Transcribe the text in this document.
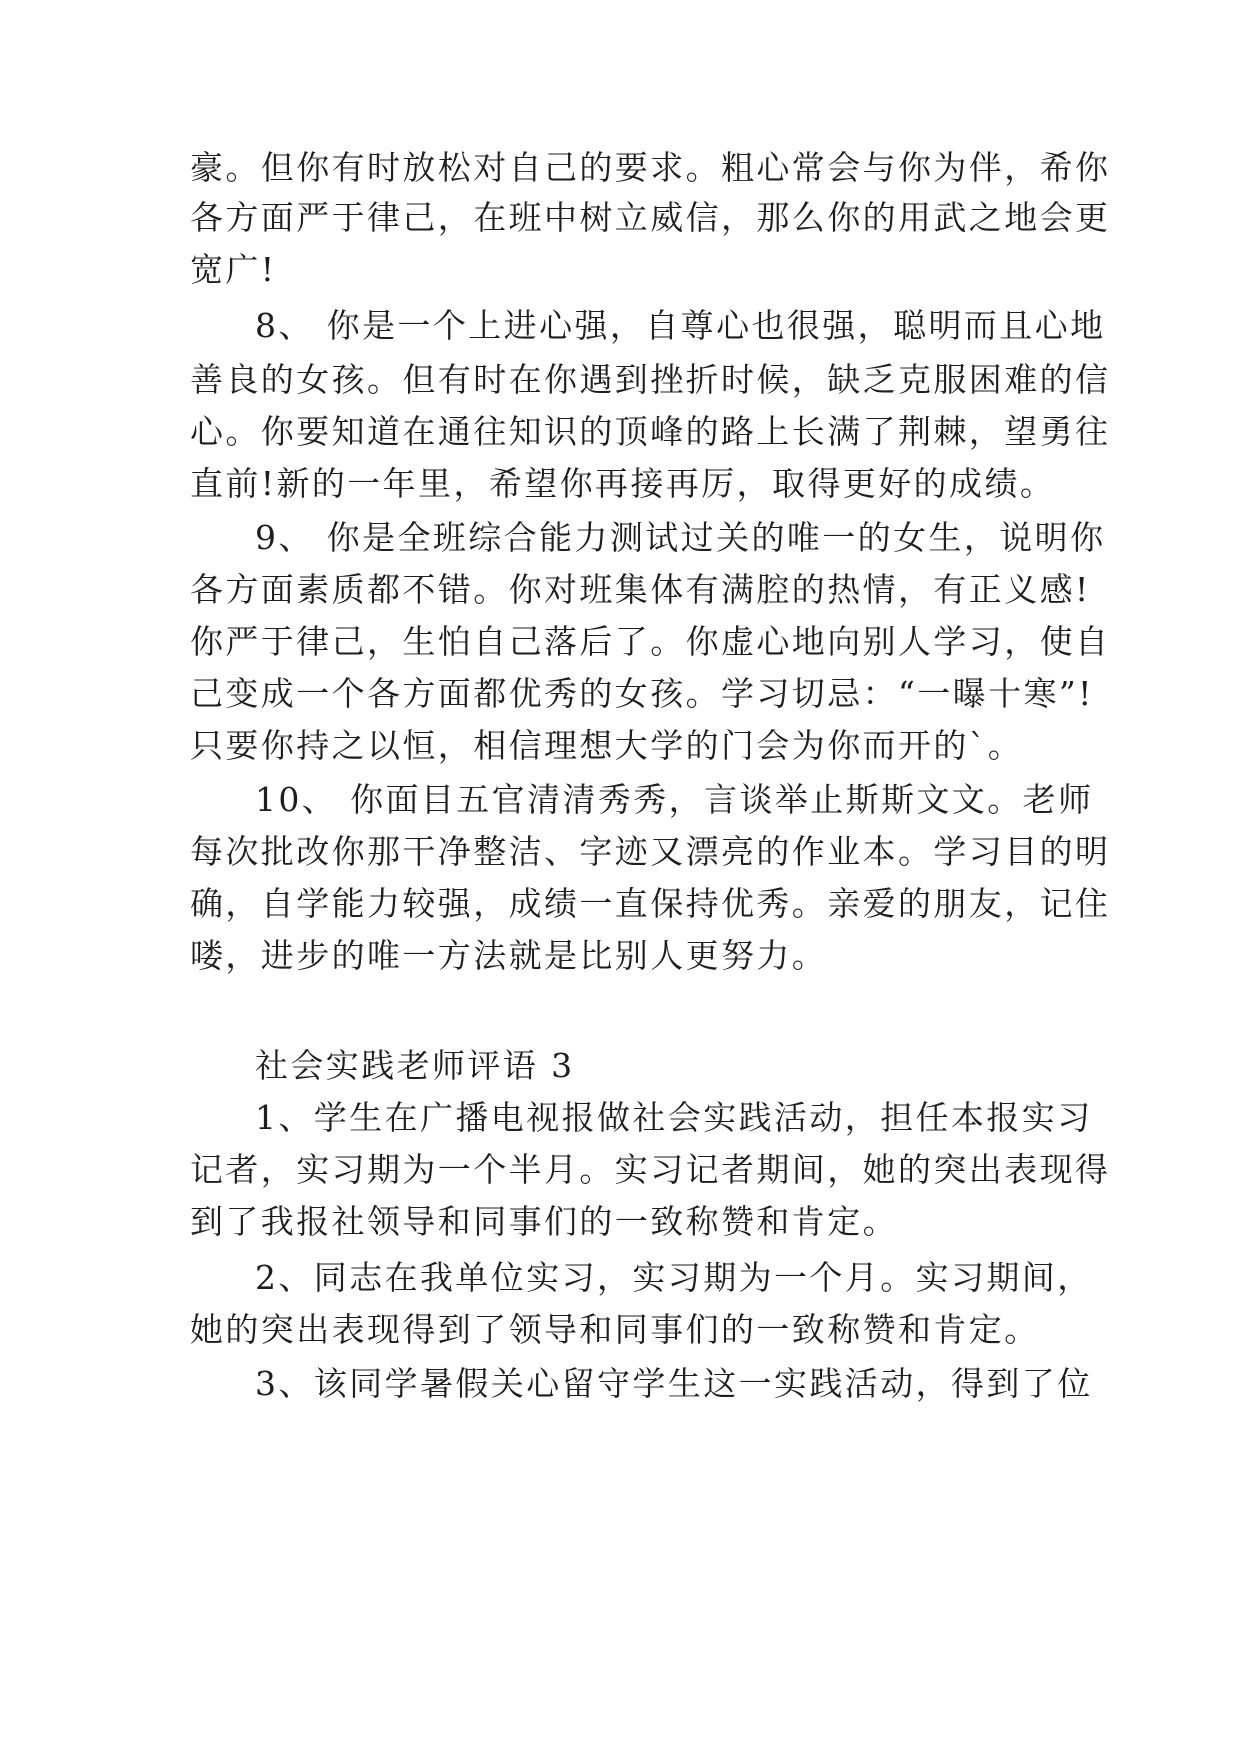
豪。但你有时放松对自己的要求。粗心常会与你为伴，希你
各方面严于律己，在班中树立威信，那么你的用武之地会更
宽广!
8、 你是一个上进心强，自尊心也很强，聪明而且心地
善良的女孩。但有时在你遇到挫折时候，缺乏克服困难的信
心。你要知道在通往知识的顶峰的路上长满了荆棘，望勇往
直前!新的一年里，希望你再接再厉，取得更好的成绩。
9、 你是全班综合能力测试过关的唯一的女生，说明你
各方面素质都不错。你对班集体有满腔的热情，有正义感!
你严于律己，生怕自己落后了。你虚心地向别人学习，使自
己变成一个各方面都优秀的女孩。学习切忌：“一曝十寒”!
只要你持之以恒，相信理想大学的门会为你而开的`。
10、 你面目五官清清秀秀，言谈举止斯斯文文。老师
每次批改你那干净整洁、字迹又漂亮的作业本。学习目的明
确，自学能力较强，成绩一直保持优秀。亲爱的朋友，记住
喽，进步的唯一方法就是比别人更努力。
社会实践老师评语 3
1、学生在广播电视报做社会实践活动，担任本报实习
记者，实习期为一个半月。实习记者期间，她的突出表现得
到了我报社领导和同事们的一致称赞和肯定。
2、同志在我单位实习，实习期为一个月。实习期间，
她的突出表现得到了领导和同事们的一致称赞和肯定。
3、该同学暑假关心留守学生这一实践活动，得到了位
